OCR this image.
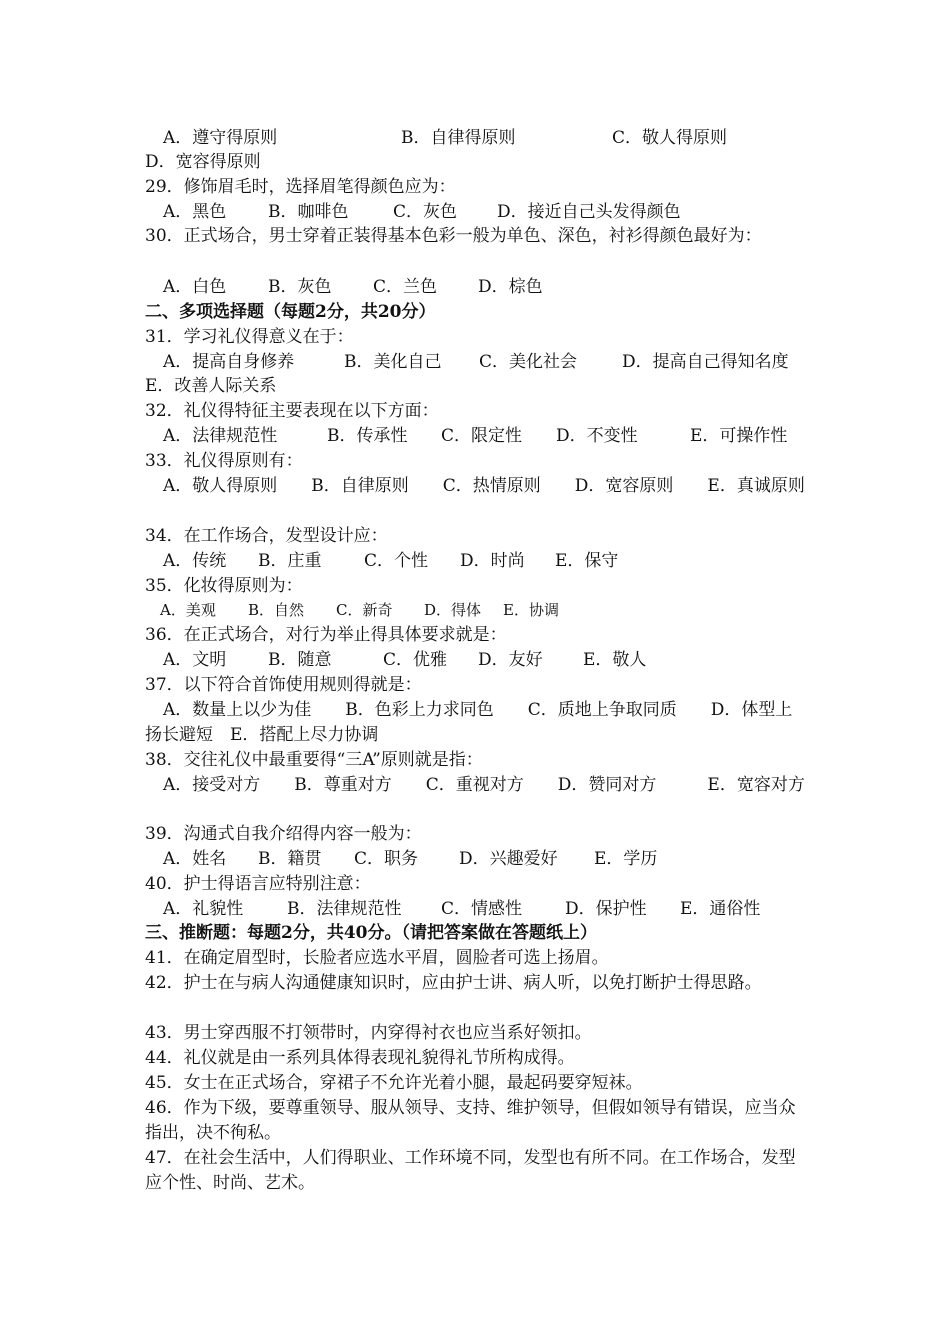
A．遵守得原则	B．自律得原则	C．敬人得原则
D．宽容得原则
29．修饰眉毛时，选择眉笔得颜色应为：
A．黑色 B．咖啡色	C．灰色 D．接近自己头发得颜色
30．正式场合，男士穿着正装得基本色彩一般为单色、深色，衬衫得颜色最好为：
A．白色 B．灰色 C．兰色 D．棕色
二、多项选择题（每题2分，共20分）
31．学习礼仪得意义在于：
A．提高自身修养	B．美化自己 C．美化社会	D．提高自己得知名度
E．改善人际关系
32．礼仪得特征主要表现在以下方面：
A．法律规范性	B．传承性 C．限定性 D．不变性	E．可操作性
33．礼仪得原则有：
A．敬人得原则　　B．自律原则　　C．热情原则　　D．宽容原则　　E．真诚原则
34．在工作场合，发型设计应：
A．传统 B．庄重	C．个性 D．时尚 E．保守
35．化妆得原则为：
A．美观 B．自然 C．新奇 D．得体 E．协调
36．在正式场合，对行为举止得具体要求就是：
A．文明 B．随意	C．优雅 D．友好 E．敬人
37．以下符合首饰使用规则得就是：
A．数量上以少为佳　　B．色彩上力求同色　　C．质地上争取同质　　D．体型上扬长避短　E．搭配上尽力协调
38．交往礼仪中最重要得“三A”原则就是指：
A．接受对方　　B．尊重对方　　C．重视对方　　D．赞同对方　　　E．宽容对方
39．沟通式自我介绍得内容一般为：
A．姓名 B．籍贯 C．职务 D．兴趣爱好 E．学历
40．护士得语言应特别注意：
A．礼貌性	B．法律规范性 C．情感性	D．保护性 E．通俗性
三、推断题：每题2分，共40分。（请把答案做在答题纸上）
41．在确定眉型时，长脸者应选水平眉，圆脸者可选上扬眉。
42．护士在与病人沟通健康知识时，应由护士讲、病人听，以免打断护士得思路。
43．男士穿西服不打领带时，内穿得衬衣也应当系好领扣。
44．礼仪就是由一系列具体得表现礼貌得礼节所构成得。
45．女士在正式场合，穿裙子不允许光着小腿，最起码要穿短袜。
46．作为下级，要尊重领导、服从领导、支持、维护领导，但假如领导有错误，应当众指出，决不徇私。
47．在社会生活中，人们得职业、工作环境不同，发型也有所不同。在工作场合，发型应个性、时尚、艺术。
